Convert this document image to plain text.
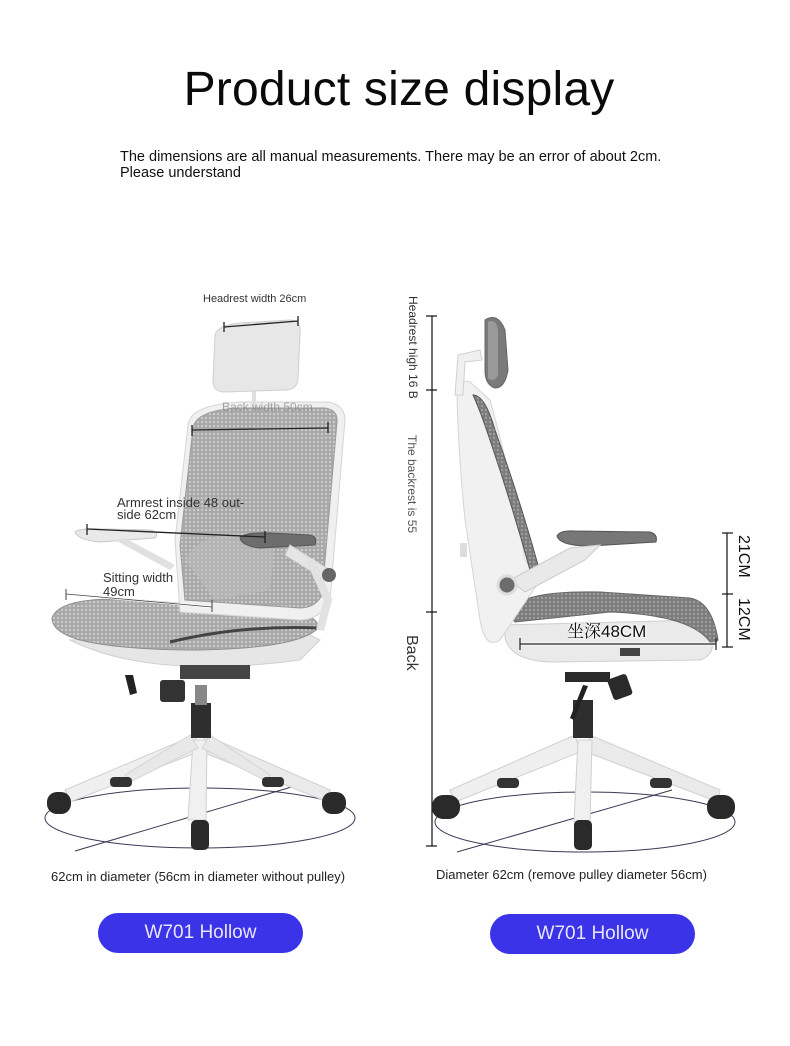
Product size display
The dimensions are all manual measurements. There may be an error of about 2cm.
Please understand
Headrest width 26cm
Back width 50cm
Armrest inside 48 out-
side 62cm
Sitting width
49cm
Headrest high 16 B
The backrest is 55
Back
坐深48CM
21CM
12CM
62cm in diameter (56cm in diameter without pulley)	Diameter 62cm (remove pulley diameter 56cm)
W701 Hollow	W701 Hollow
